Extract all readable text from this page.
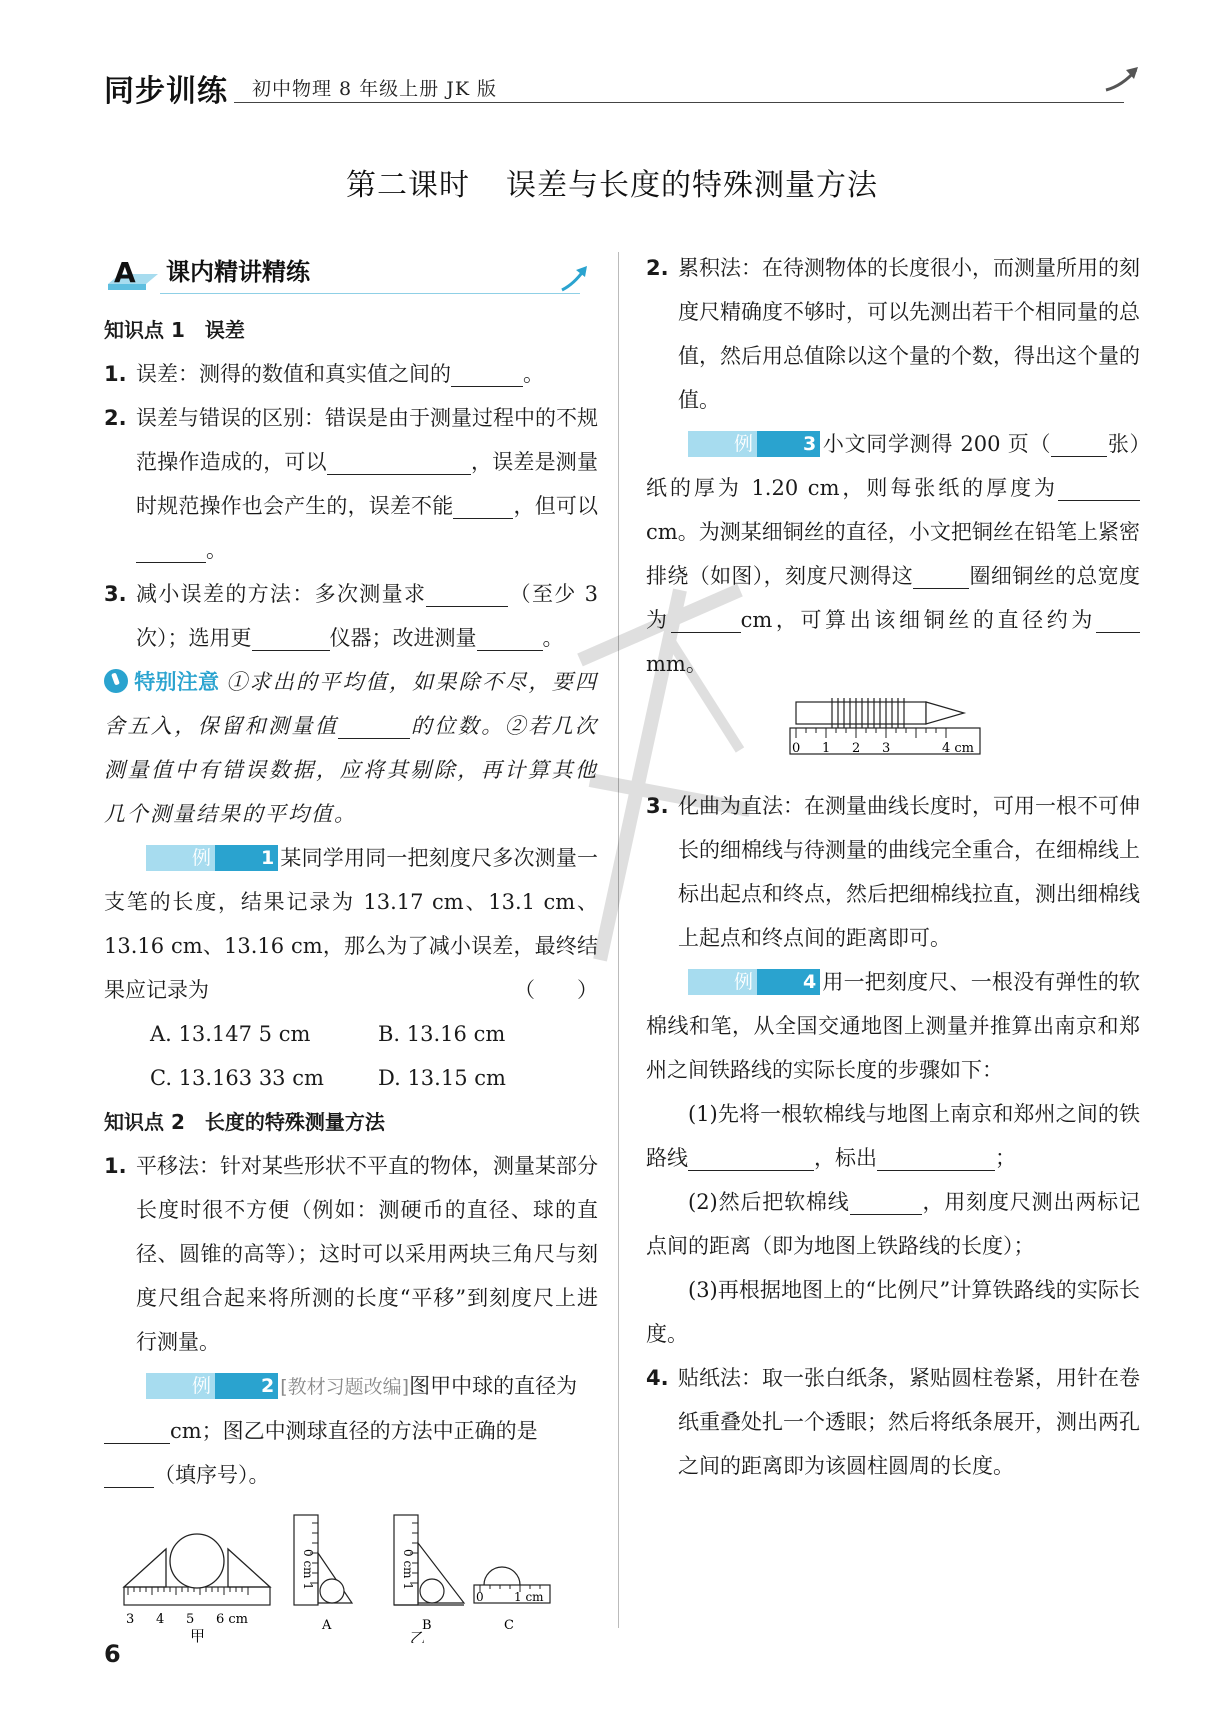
同步训练 初中物理 8 年级上册 JK 版
第二课时 误差与长度的特殊测量方法
A 课内精讲精练
知识点 1　误差
1. 误差：测得的数值和真实值之间的	。
2. 误差与错误的区别：错误是由于测量过程中的不规范操作造成的，可以	，误差是测量时规范操作也会产生的，误差不能	，但可以。
3. 减小误差的方法：多次测量求	（至少 3 次）；选用更	仪器；改进测量	。
特别注意 ①求出的平均值，如果除不尽，要四舍五入，保留和测量值	的位数。②若几次测量值中有错误数据，应将其剔除，再计算其他几个测量结果的平均值。
例	1 某同学用同一把刻度尺多次测量一支笔的长度，结果记录为 13.17 cm、13.1 cm、13.16 cm、13.16 cm，那么为了减小误差，最终结果应记录为	（　　）
A. 13.147 5 cm	B. 13.16 cm
C. 13.163 33 cm	D. 13.15 cm
知识点 2　长度的特殊测量方法
1. 平移法：针对某些形状不平直的物体，测量某部分长度时很不方便（例如：测硬币的直径、球的直径、圆锥的高等）；这时可以采用两块三角尺与刻度尺组合起来将所测的长度“平移”到刻度尺上进行测量。
例	2 [教材习题改编]图甲中球的直径为
cm；图乙中测球直径的方法中正确的是
（填序号）。
3 4 5 6 cm
甲
0 cm 1
A
0 cm 1
B
0	1 cm
C
乙
2. 累积法：在待测物体的长度很小，而测量所用的刻度尺精确度不够时，可以先测出若干个相同量的总值，然后用总值除以这个量的个数，得出这个量的值。
例	3 小文同学测得 200 页（	张）纸的厚为 1.20 cm，则每张纸的厚度为cm。为测某细铜丝的直径，小文把铜丝在铅笔上紧密排绕（如图），刻度尺测得这	圈细铜丝的总宽度为	cm，可算出该细铜丝的直径约为mm。
0 1 2 3	4 cm
3. 化曲为直法：在测量曲线长度时，可用一根不可伸长的细棉线与待测量的曲线完全重合，在细棉线上标出起点和终点，然后把细棉线拉直，测出细棉线上起点和终点间的距离即可。
例	4 用一把刻度尺、一根没有弹性的软棉线和笔，从全国交通地图上测量并推算出南京和郑州之间铁路线的实际长度的步骤如下：
(1)先将一根软棉线与地图上南京和郑州之间的铁路线	，标出	；
(2)然后把软棉线	，用刻度尺测出两标记点间的距离（即为地图上铁路线的长度）；
(3)再根据地图上的“比例尺”计算铁路线的实际长度。
4. 贴纸法：取一张白纸条，紧贴圆柱卷紧，用针在卷纸重叠处扎一个透眼；然后将纸条展开，测出两孔之间的距离即为该圆柱圆周的长度。
6
